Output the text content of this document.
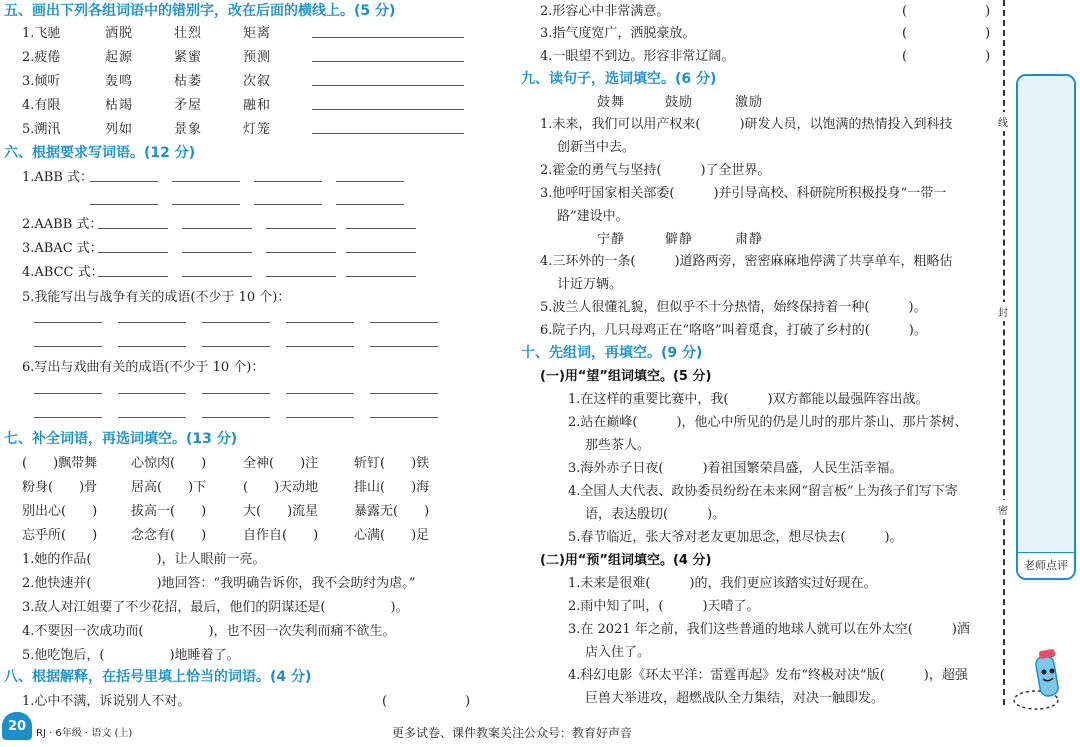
五、画出下列各组词语中的错别字，改在后面的横线上。(5 分)
1.飞驰	洒脱	壮烈	矩离
2.疲倦	起源	紧蜜	预测
3.倾听	轰鸣	枯萎	次叙
4.有限	枯竭	矛屋	融和
5.溯汛	列如	景象	灯笼
六、根据要求写词语。(12 分)
1.ABB 式：
2.AABB 式：
3.ABAC 式：
4.ABCC 式：
5.我能写出与战争有关的成语(不少于 10 个)：
6.写出与戏曲有关的成语(不少于 10 个)：
七、补全词语，再选词填空。(13 分)
(　　)飘带舞	心惊肉(　　)	全神(　　)注	斩钉(　　)铁
粉身(　　)骨	居高(　　)下	(　　)天动地	排山(　　)海
别出心(　　)	拔高一(　　)	大(　　)流星	暴露无(　　)
忘乎所(　　)	念念有(　　)	自作自(　　)	心满(　　)足
1.她的作品(　　　　　)，让人眼前一亮。
2.他快速并(　　　　　)地回答：“我明确告诉你，我不会助纣为虐。”
3.敌人对江姐要了不少花招，最后，他们的阴谋还是(　　　　　)。
4.不要因一次成功而(　　　　　)，也不因一次失利而痛不欲生。
5.他吃饱后，(　　　　　)地睡着了。
八、根据解释，在括号里填上恰当的词语。(4 分)
1.心中不满，诉说别人不对。	(　　　　　　)
2.形容心中非常满意。	(　　　　　　)
3.指气度宽广，洒脱豪放。	(　　　　　　)
4.一眼望不到边。形容非常辽阔。	(　　　　　　)
九、读句子，选词填空。(6 分)
鼓舞	鼓励	激励
1.未来，我们可以用产权来(　　　)研发人员，以饱满的热情投入到科技
创新当中去。
2.霍金的勇气与坚持(　　　)了全世界。
3.他呼吁国家相关部委(　　　)并引导高校、科研院所积极投身“一带一
路”建设中。
宁静	僻静	肃静
4.三环外的一条(　　　)道路两旁，密密麻麻地停满了共享单车，粗略估
计近万辆。
5.波兰人很懂礼貌，但似乎不十分热情，始终保持着一种(　　　)。
6.院子内，几只母鸡正在“咯咯”叫着觅食，打破了乡村的(　　　)。
十、先组词，再填空。(9 分)
(一)用“望”组词填空。(5 分)
1.在这样的重要比赛中，我(　　　)双方都能以最强阵容出战。
2.站在巅峰(　　　)，他心中所见的仍是儿时的那片茶山、那片茶树、
那些茶人。
3.海外赤子日夜(　　　)着祖国繁荣昌盛，人民生活幸福。
4.全国人大代表、政协委员纷纷在未来网“留言板”上为孩子们写下寄
语，表达殷切(　　　)。
5.春节临近，张大爷对老友更加思念，想尽快去(　　　)。
(二)用“预”组词填空。(4 分)
1.未来是很难(　　　)的，我们更应该踏实过好现在。
2.雨中知了叫，(　　　)天晴了。
3.在 2021 年之前，我们这些普通的地球人就可以在外太空(　　　)酒
店入住了。
4.科幻电影《环太平洋：雷霆再起》发布“终极对决”版(　　　)，超强
巨兽大举进攻，超燃战队全力集结，对决一触即发。
线
封
密
老师点评
20 RJ · 6年级 · 语文 (上)	更多试卷、课件教案关注公众号：教育好声音
